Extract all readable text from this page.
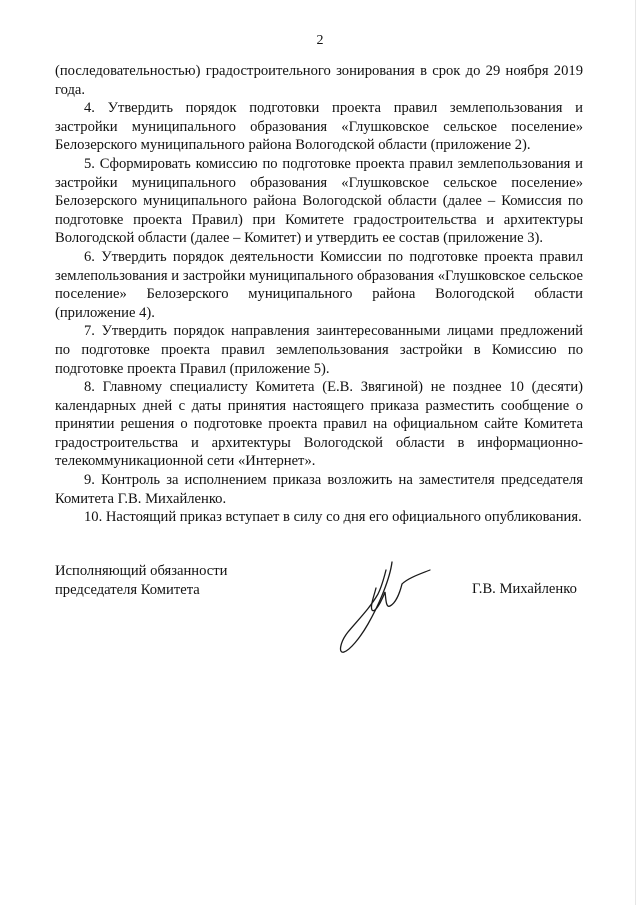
2

(последовательностью) градостроительного зонирования в срок до 29 ноября 2019 года.

4. Утвердить порядок подготовки проекта правил землепользования и застройки муниципального образования «Глушковское сельское поселение» Белозерского муниципального района Вологодской области (приложение 2).

5. Сформировать комиссию по подготовке проекта правил землепользования и застройки муниципального образования «Глушковское сельское поселение» Белозерского муниципального района Вологодской области (далее – Комиссия по подготовке проекта Правил) при Комитете градостроительства и архитектуры Вологодской области (далее – Комитет) и утвердить ее состав (приложение 3).

6. Утвердить порядок деятельности Комиссии по подготовке проекта правил землепользования и застройки муниципального образования «Глушковское сельское поселение» Белозерского муниципального района Вологодской области (приложение 4).

7. Утвердить порядок направления заинтересованными лицами предложений по подготовке проекта правил землепользования застройки в Комиссию по подготовке проекта Правил (приложение 5).

8. Главному специалисту Комитета (Е.В. Звягиной) не позднее 10 (десяти) календарных дней с даты принятия настоящего приказа разместить сообщение о принятии решения о подготовке проекта правил на официальном сайте Комитета градостроительства и архитектуры Вологодской области в информационно-телекоммуникационной сети «Интернет».

9. Контроль за исполнением приказа возложить на заместителя председателя Комитета Г.В. Михайленко.

10. Настоящий приказ вступает в силу со дня его официального опубликования.

Исполняющий обязанности
председателя Комитета	Г.В. Михайленко
